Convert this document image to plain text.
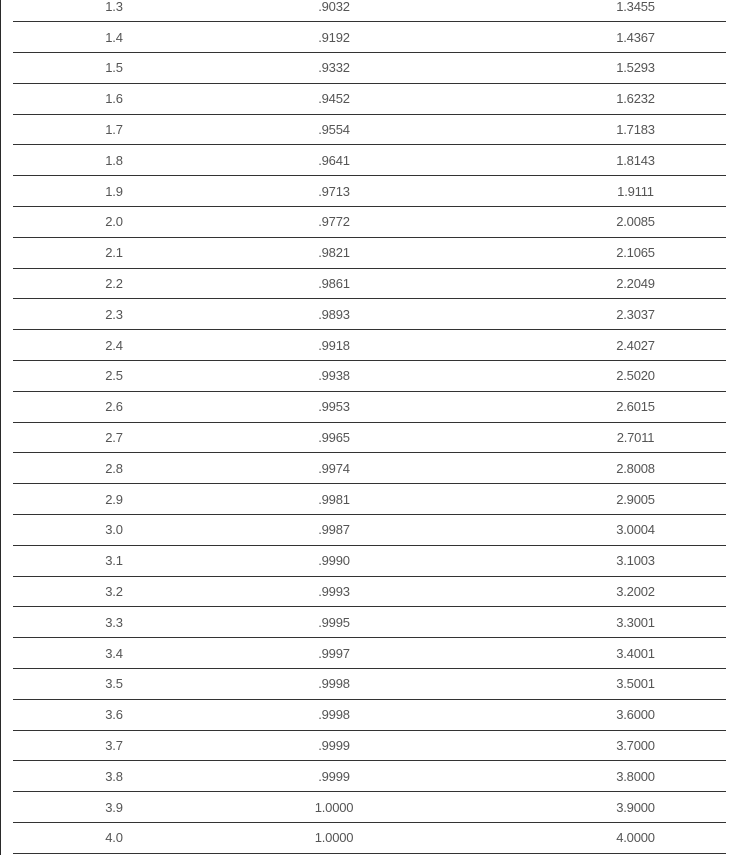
1.3	.9032	1.3455
1.4	.9192	1.4367
1.5	.9332	1.5293
1.6	.9452	1.6232
1.7	.9554	1.7183
1.8	.9641	1.8143
1.9	.9713	1.9111
2.0	.9772	2.0085
2.1	.9821	2.1065
2.2	.9861	2.2049
2.3	.9893	2.3037
2.4	.9918	2.4027
2.5	.9938	2.5020
2.6	.9953	2.6015
2.7	.9965	2.7011
2.8	.9974	2.8008
2.9	.9981	2.9005
3.0	.9987	3.0004
3.1	.9990	3.1003
3.2	.9993	3.2002
3.3	.9995	3.3001
3.4	.9997	3.4001
3.5	.9998	3.5001
3.6	.9998	3.6000
3.7	.9999	3.7000
3.8	.9999	3.8000
3.9	1.0000	3.9000
4.0	1.0000	4.0000
